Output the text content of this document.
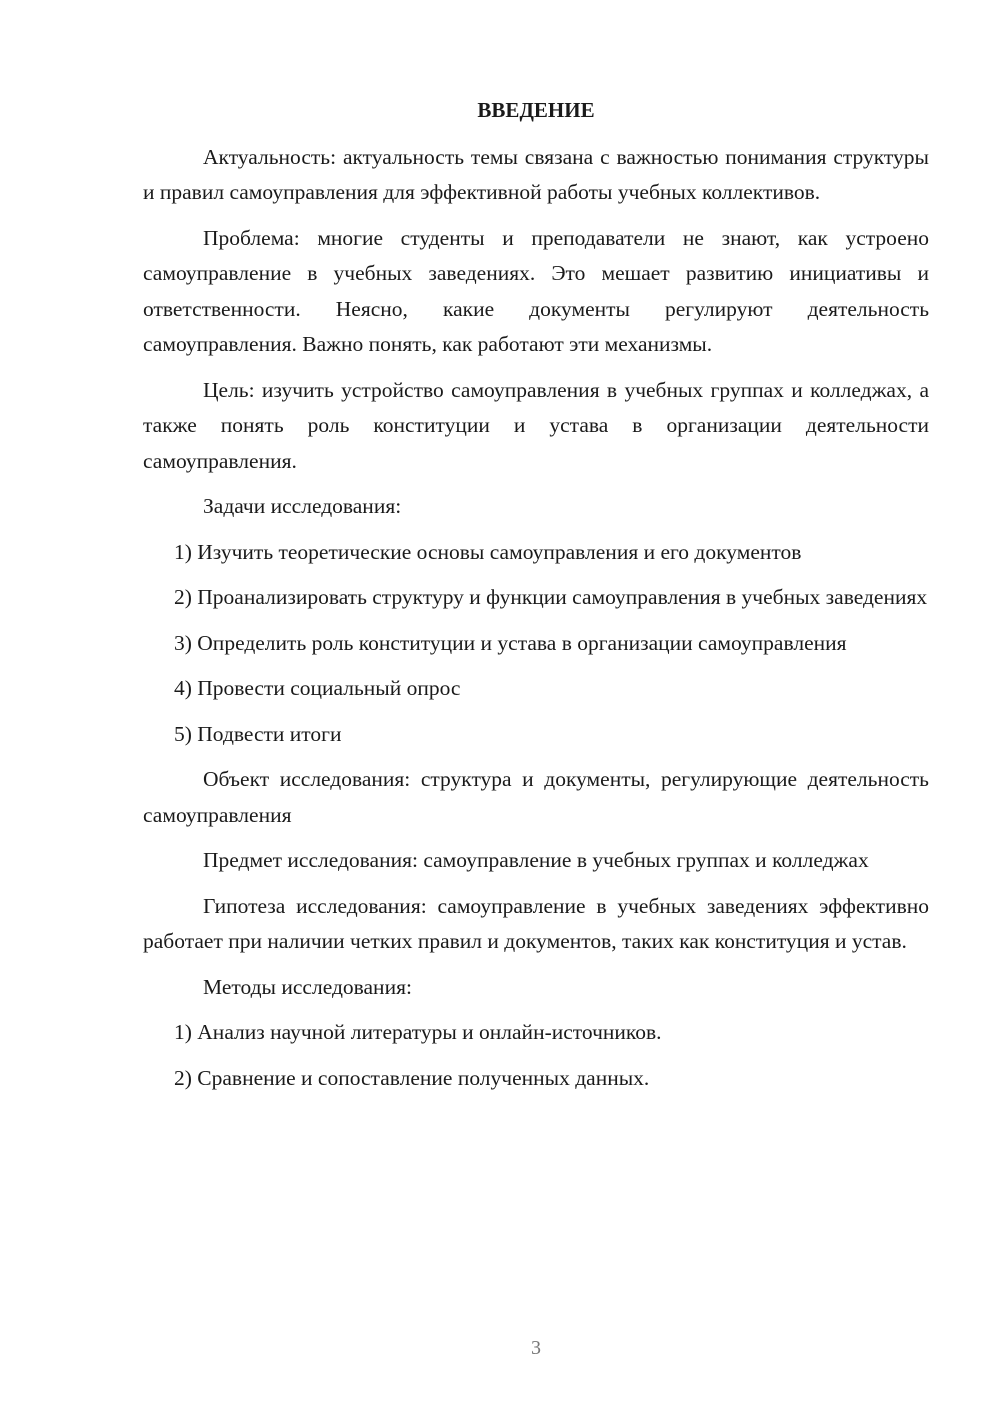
ВВЕДЕНИЕ

Актуальность: актуальность темы связана с важностью понимания структуры и правил самоуправления для эффективной работы учебных коллективов.

Проблема: многие студенты и преподаватели не знают, как устроено самоуправление в учебных заведениях. Это мешает развитию инициативы и ответственности. Неясно, какие документы регулируют деятельность самоуправления. Важно понять, как работают эти механизмы.

Цель: изучить устройство самоуправления в учебных группах и колледжах, а также понять роль конституции и устава в организации деятельности самоуправления.

Задачи исследования:

1) Изучить теоретические основы самоуправления и его документов

2) Проанализировать структуру и функции самоуправления в учебных заведениях

3) Определить роль конституции и устава в организации самоуправления

4) Провести социальный опрос

5) Подвести итоги

Объект исследования: структура и документы, регулирующие деятельность самоуправления

Предмет исследования: самоуправление в учебных группах и колледжах

Гипотеза исследования: самоуправление в учебных заведениях эффективно работает при наличии четких правил и документов, таких как конституция и устав.

Методы исследования:

1) Анализ научной литературы и онлайн-источников.

2) Сравнение и сопоставление полученных данных.

3
